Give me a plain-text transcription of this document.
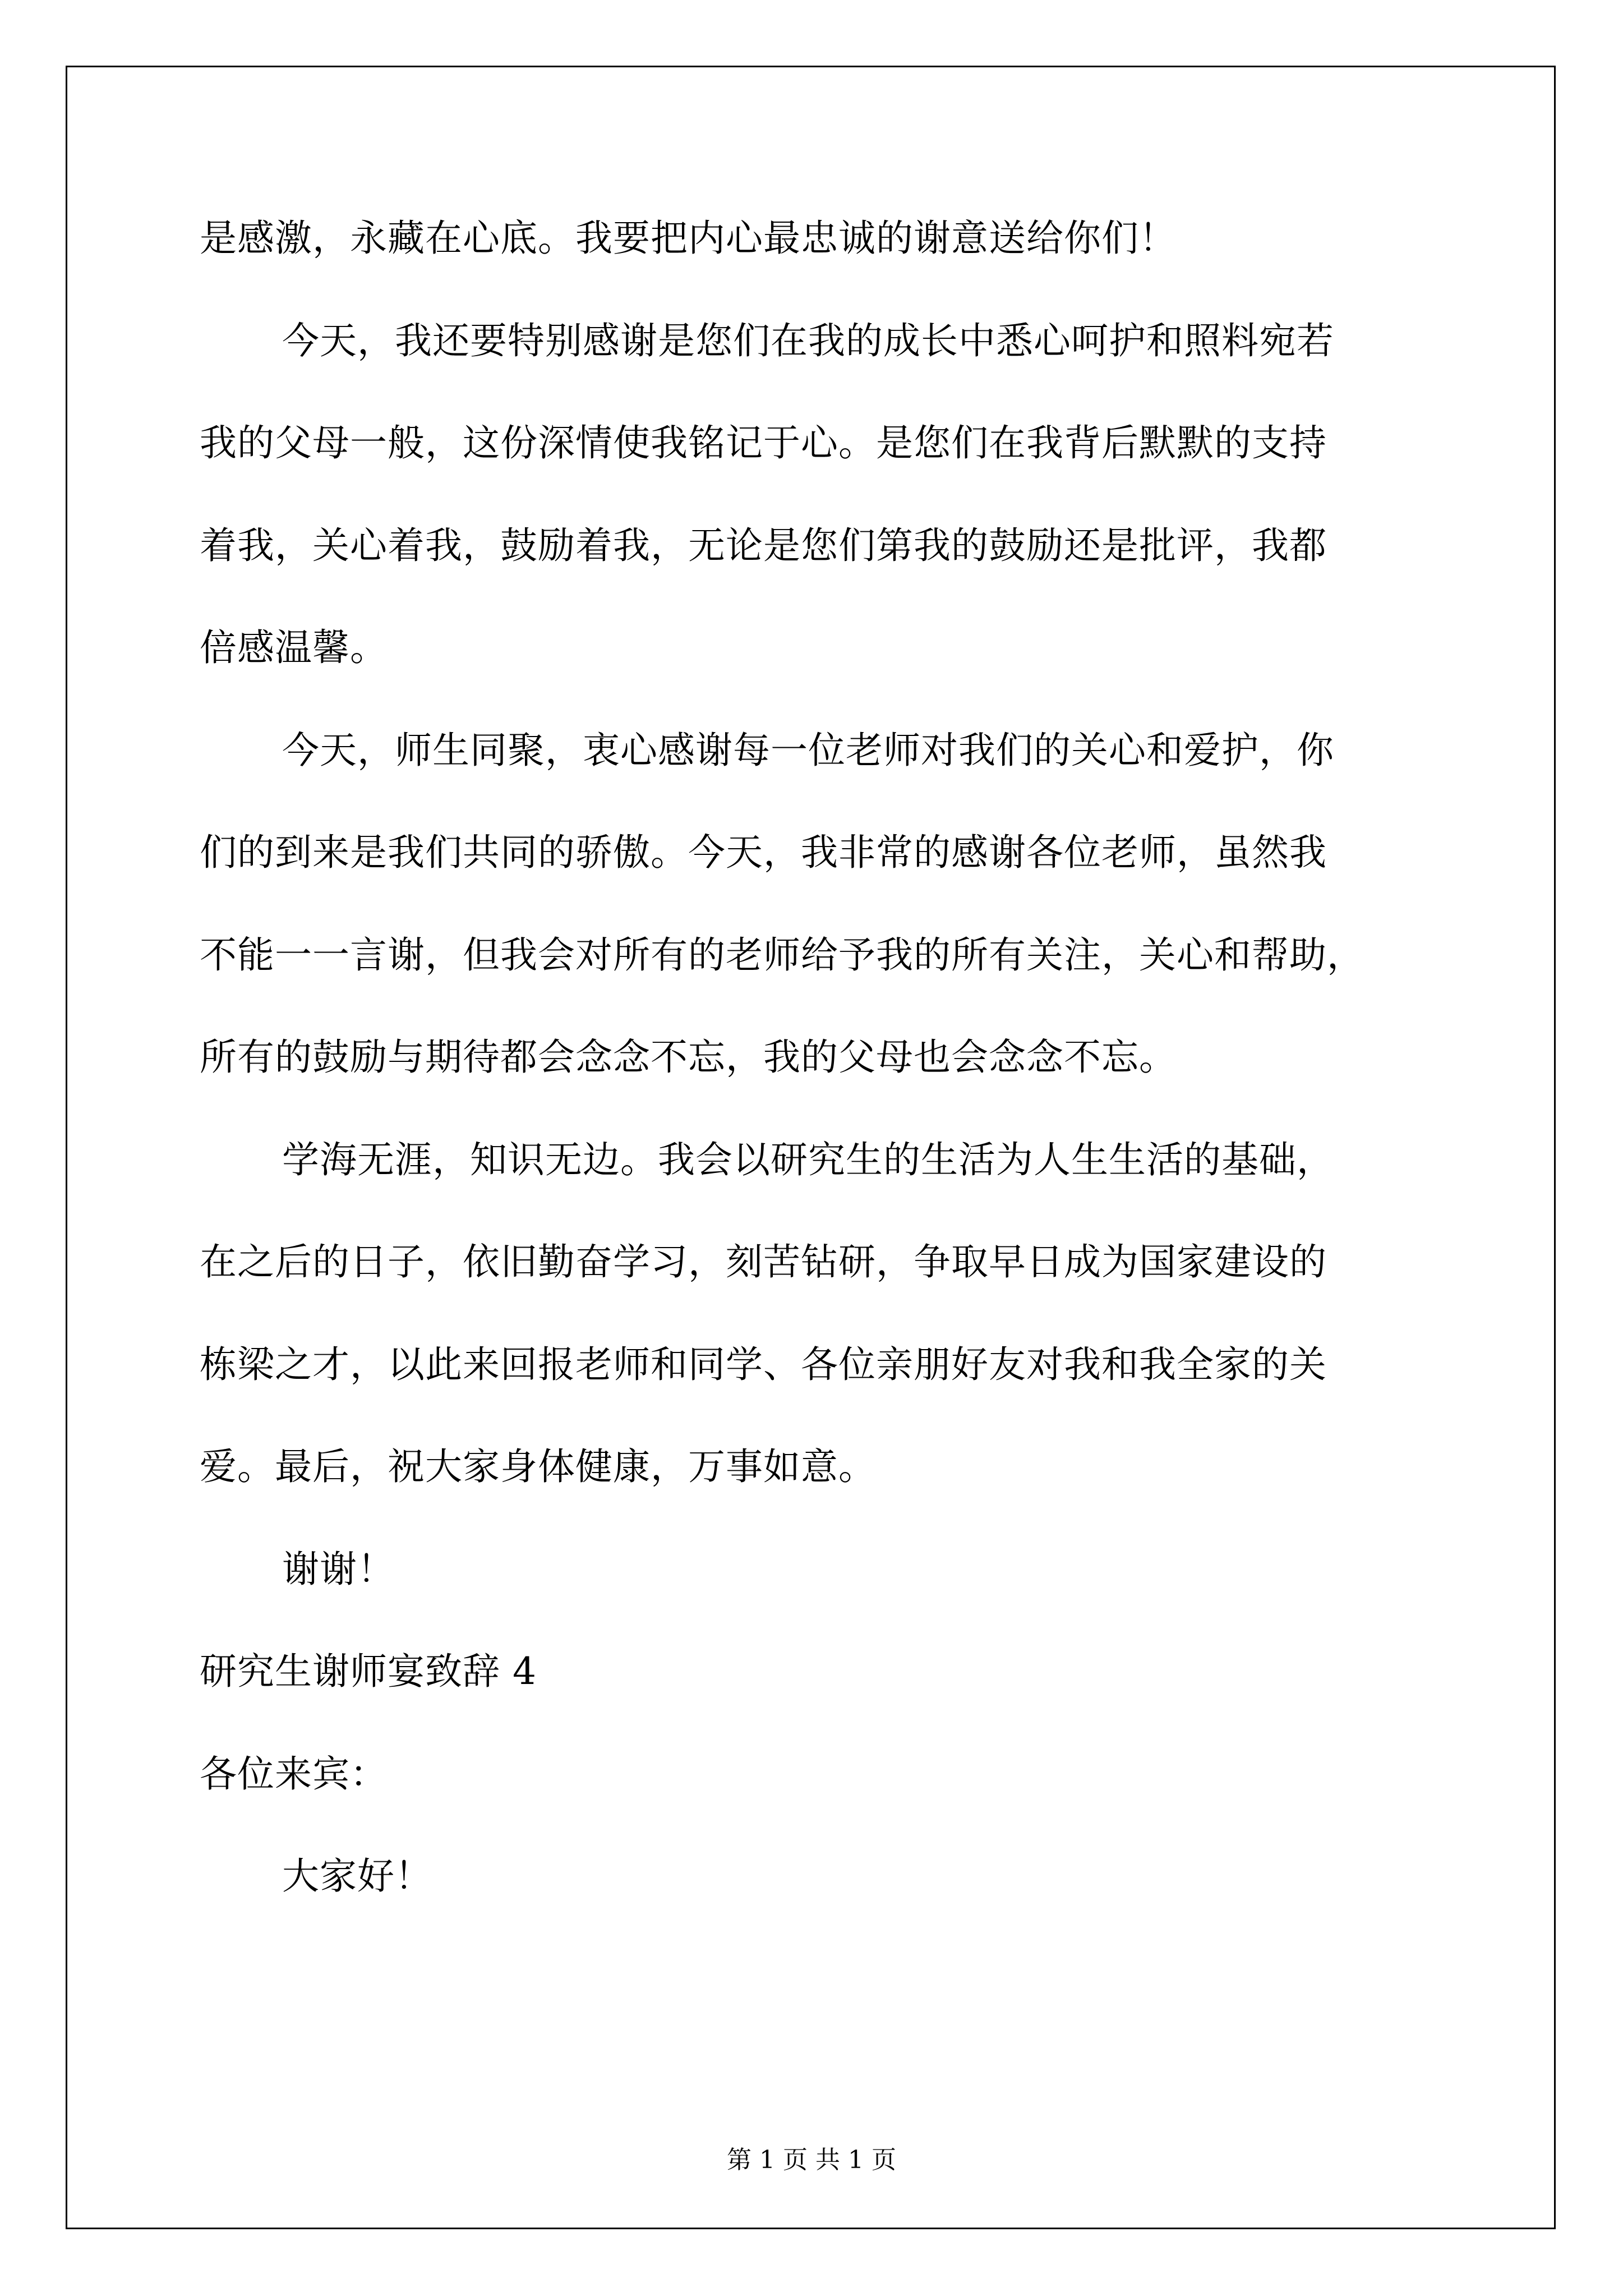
是感激，永藏在心底。我要把内心最忠诚的谢意送给你们！
今天，我还要特别感谢是您们在我的成长中悉心呵护和照料宛若
我的父母一般，这份深情使我铭记于心。是您们在我背后默默的支持
着我，关心着我，鼓励着我，无论是您们第我的鼓励还是批评，我都
倍感温馨。
今天，师生同聚，衷心感谢每一位老师对我们的关心和爱护，你
们的到来是我们共同的骄傲。今天，我非常的感谢各位老师，虽然我
不能一一言谢，但我会对所有的老师给予我的所有关注，关心和帮助，
所有的鼓励与期待都会念念不忘，我的父母也会念念不忘。
学海无涯，知识无边。我会以研究生的生活为人生生活的基础，
在之后的日子，依旧勤奋学习，刻苦钻研，争取早日成为国家建设的
栋梁之才，以此来回报老师和同学、各位亲朋好友对我和我全家的关
爱。最后，祝大家身体健康，万事如意。
谢谢！
研究生谢师宴致辞 4
各位来宾：
大家好！
第 1 页 共 1 页
